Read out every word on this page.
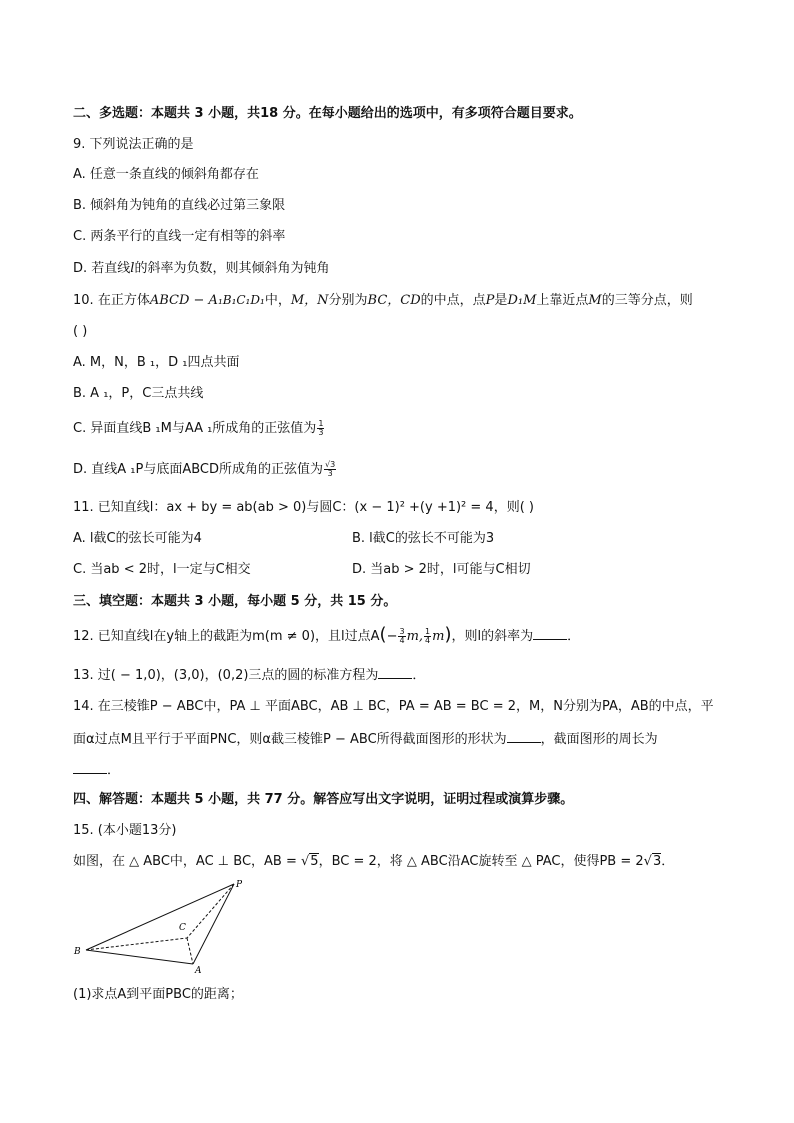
二、多选题：本题共 3 小题，共18 分。在每小题给出的选项中，有多项符合题目要求。
9. 下列说法正确的是
A. 任意一条直线的倾斜角都存在
B. 倾斜角为钝角的直线必过第三象限
C. 两条平行的直线一定有相等的斜率
D. 若直线l的斜率为负数，则其倾斜角为钝角
10. 在正方体ABCD − A₁B₁C₁D₁中，M，N分别为BC，CD的中点，点P是D₁M上靠近点M的三等分点，则
( )
A. M，N，B ₁，D ₁四点共面
B. A ₁，P，C三点共线
C. 异面直线B ₁M与AA ₁所成角的正弦值为 $\frac{1}{3}$
D. 直线A ₁P与底面ABCD所成角的正弦值为 $\frac{√3}{3}$
11. 已知直线l：ax + by = ab(ab > 0)与圆C：(x − 1)² +(y +1)² = 4，则( )
A. l截C的弦长可能为4	B. l截C的弦长不可能为3
C. 当ab < 2时，l一定与C相交	D. 当ab > 2时，l可能与C相切
三、填空题：本题共 3 小题，每小题 5 分，共 15 分。
12. 已知直线l在y轴上的截距为m(m ≠ 0)，且l过点$A(- \frac{3}{4} m$, $\frac{1}{4} m$)，则l的斜率为	．
13. 过( − 1,0)，(3,0)，(0,2)三点的圆的标准方程为	．
14. 在三棱锥P − ABC中，PA ⊥ 平面ABC，AB ⊥ BC，PA = AB = BC = 2，M，N分别为PA，AB的中点，平
面α过点M且平行于平面PNC，则α截三棱锥P − ABC所得截面图形的形状为	，截面图形的周长为
．
四、解答题：本题共 5 小题，共 77 分。解答应写出文字说明，证明过程或演算步骤。
15. (本小题13分)
如图，在 △ ABC中，AC ⊥ BC，AB = √5，BC = 2，将 △ ABC沿AC旋转至 △ PAC，使得PB = 2√3．
P
C
B
A
(1)求点A到平面PBC的距离；
